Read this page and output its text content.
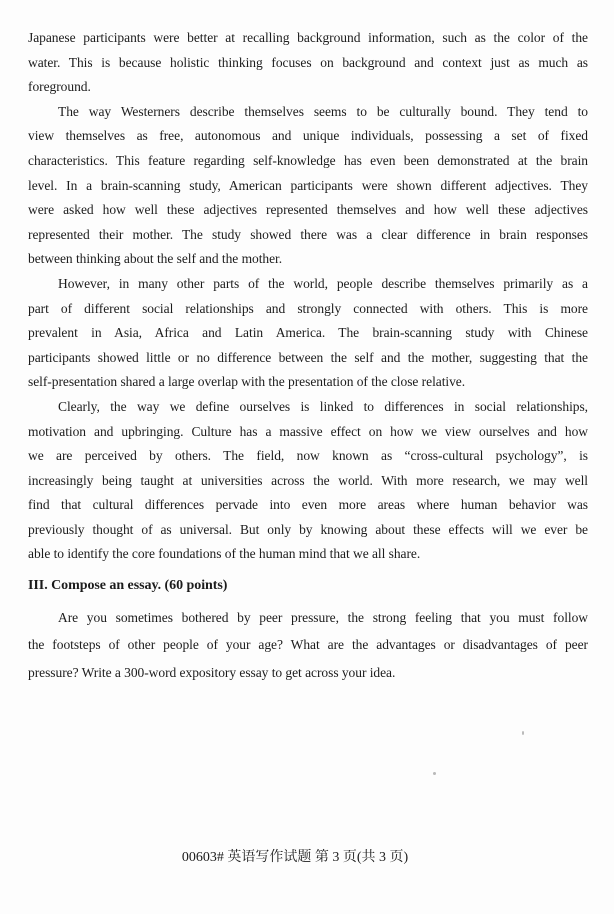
Japanese participants were better at recalling background information, such as the color of the
water. This is because holistic thinking focuses on background and context just as much as
foreground.
The way Westerners describe themselves seems to be culturally bound. They tend to
view themselves as free, autonomous and unique individuals, possessing a set of fixed
characteristics. This feature regarding self-knowledge has even been demonstrated at the brain
level. In a brain-scanning study, American participants were shown different adjectives. They
were asked how well these adjectives represented themselves and how well these adjectives
represented their mother. The study showed there was a clear difference in brain responses
between thinking about the self and the mother.
However, in many other parts of the world, people describe themselves primarily as a
part of different social relationships and strongly connected with others. This is more
prevalent in Asia, Africa and Latin America. The brain-scanning study with Chinese
participants showed little or no difference between the self and the mother, suggesting that the
self-presentation shared a large overlap with the presentation of the close relative.
Clearly, the way we define ourselves is linked to differences in social relationships,
motivation and upbringing. Culture has a massive effect on how we view ourselves and how
we are perceived by others. The field, now known as “cross-cultural psychology”, is
increasingly being taught at universities across the world. With more research, we may well
find that cultural differences pervade into even more areas where human behavior was
previously thought of as universal. But only by knowing about these effects will we ever be
able to identify the core foundations of the human mind that we all share.
III. Compose an essay. (60 points)
Are you sometimes bothered by peer pressure, the strong feeling that you must follow
the footsteps of other people of your age? What are the advantages or disadvantages of peer
pressure? Write a 300-word expository essay to get across your idea.
00603# 英语写作试题 第 3 页(共 3 页)
